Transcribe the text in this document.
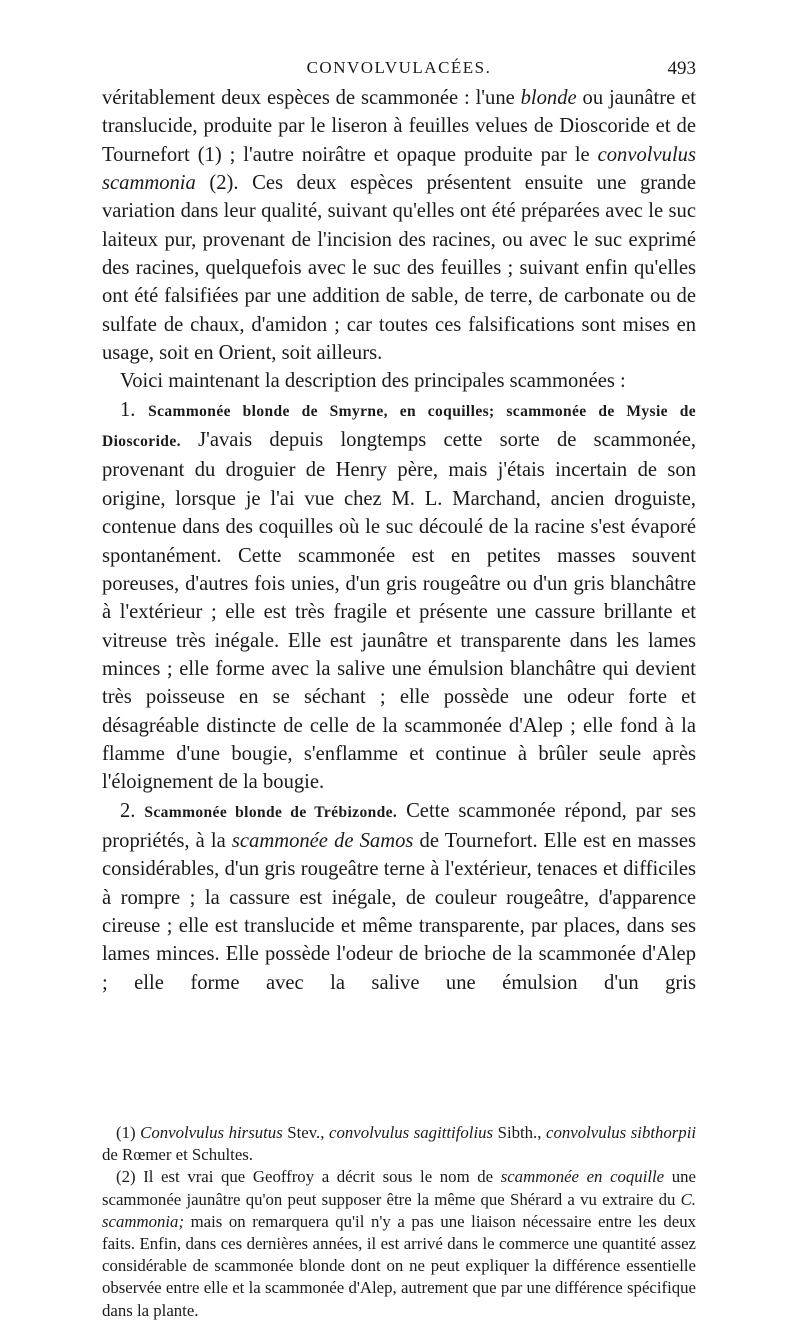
CONVOLVULACÉES.	493

véritablement deux espèces de scammonée : l'une blonde ou jaunâtre et translucide, produite par le liseron à feuilles velues de Dioscoride et de Tournefort (1) ; l'autre noirâtre et opaque produite par le convolvulus scammonia (2). Ces deux espèces présentent ensuite une grande variation dans leur qualité, suivant qu'elles ont été préparées avec le suc laiteux pur, provenant de l'incision des racines, ou avec le suc exprimé des racines, quelquefois avec le suc des feuilles ; suivant enfin qu'elles ont été falsifiées par une addition de sable, de terre, de carbonate ou de sulfate de chaux, d'amidon ; car toutes ces falsifications sont mises en usage, soit en Orient, soit ailleurs.

Voici maintenant la description des principales scammonées :

1. Scammonée blonde de Smyrne, en coquilles; scammonée de Mysie de Dioscoride. J'avais depuis longtemps cette sorte de scammonée, provenant du droguier de Henry père, mais j'étais incertain de son origine, lorsque je l'ai vue chez M. L. Marchand, ancien droguiste, contenue dans des coquilles où le suc découlé de la racine s'est évaporé spontanément. Cette scammonée est en petites masses souvent poreuses, d'autres fois unies, d'un gris rougeâtre ou d'un gris blanchâtre à l'extérieur ; elle est très fragile et présente une cassure brillante et vitreuse très inégale. Elle est jaunâtre et transparente dans les lames minces ; elle forme avec la salive une émulsion blanchâtre qui devient très poisseuse en se séchant ; elle possède une odeur forte et désagréable distincte de celle de la scammonée d'Alep ; elle fond à la flamme d'une bougie, s'enflamme et continue à brûler seule après l'éloignement de la bougie.

2. Scammonée blonde de Trébizonde. Cette scammonée répond, par ses propriétés, à la scammonée de Samos de Tournefort. Elle est en masses considérables, d'un gris rougeâtre terne à l'extérieur, tenaces et difficiles à rompre ; la cassure est inégale, de couleur rougeâtre, d'apparence cireuse ; elle est translucide et même transparente, par places, dans ses lames minces. Elle possède l'odeur de brioche de la scammonée d'Alep ; elle forme avec la salive une émulsion d'un gris

(1) Convolvulus hirsutus Stev., convolvulus sagittifolius Sibth., convolvulus sibthorpii de Rœmer et Schultes.

(2) Il est vrai que Geoffroy a décrit sous le nom de scammonée en coquille une scammonée jaunâtre qu'on peut supposer être la même que Shérard a vu extraire du C. scammonia; mais on remarquera qu'il n'y a pas une liaison nécessaire entre les deux faits. Enfin, dans ces dernières années, il est arrivé dans le commerce une quantité assez considérable de scammonée blonde dont on ne peut expliquer la différence essentielle observée entre elle et la scammonée d'Alep, autrement que par une différence spécifique dans la plante.
